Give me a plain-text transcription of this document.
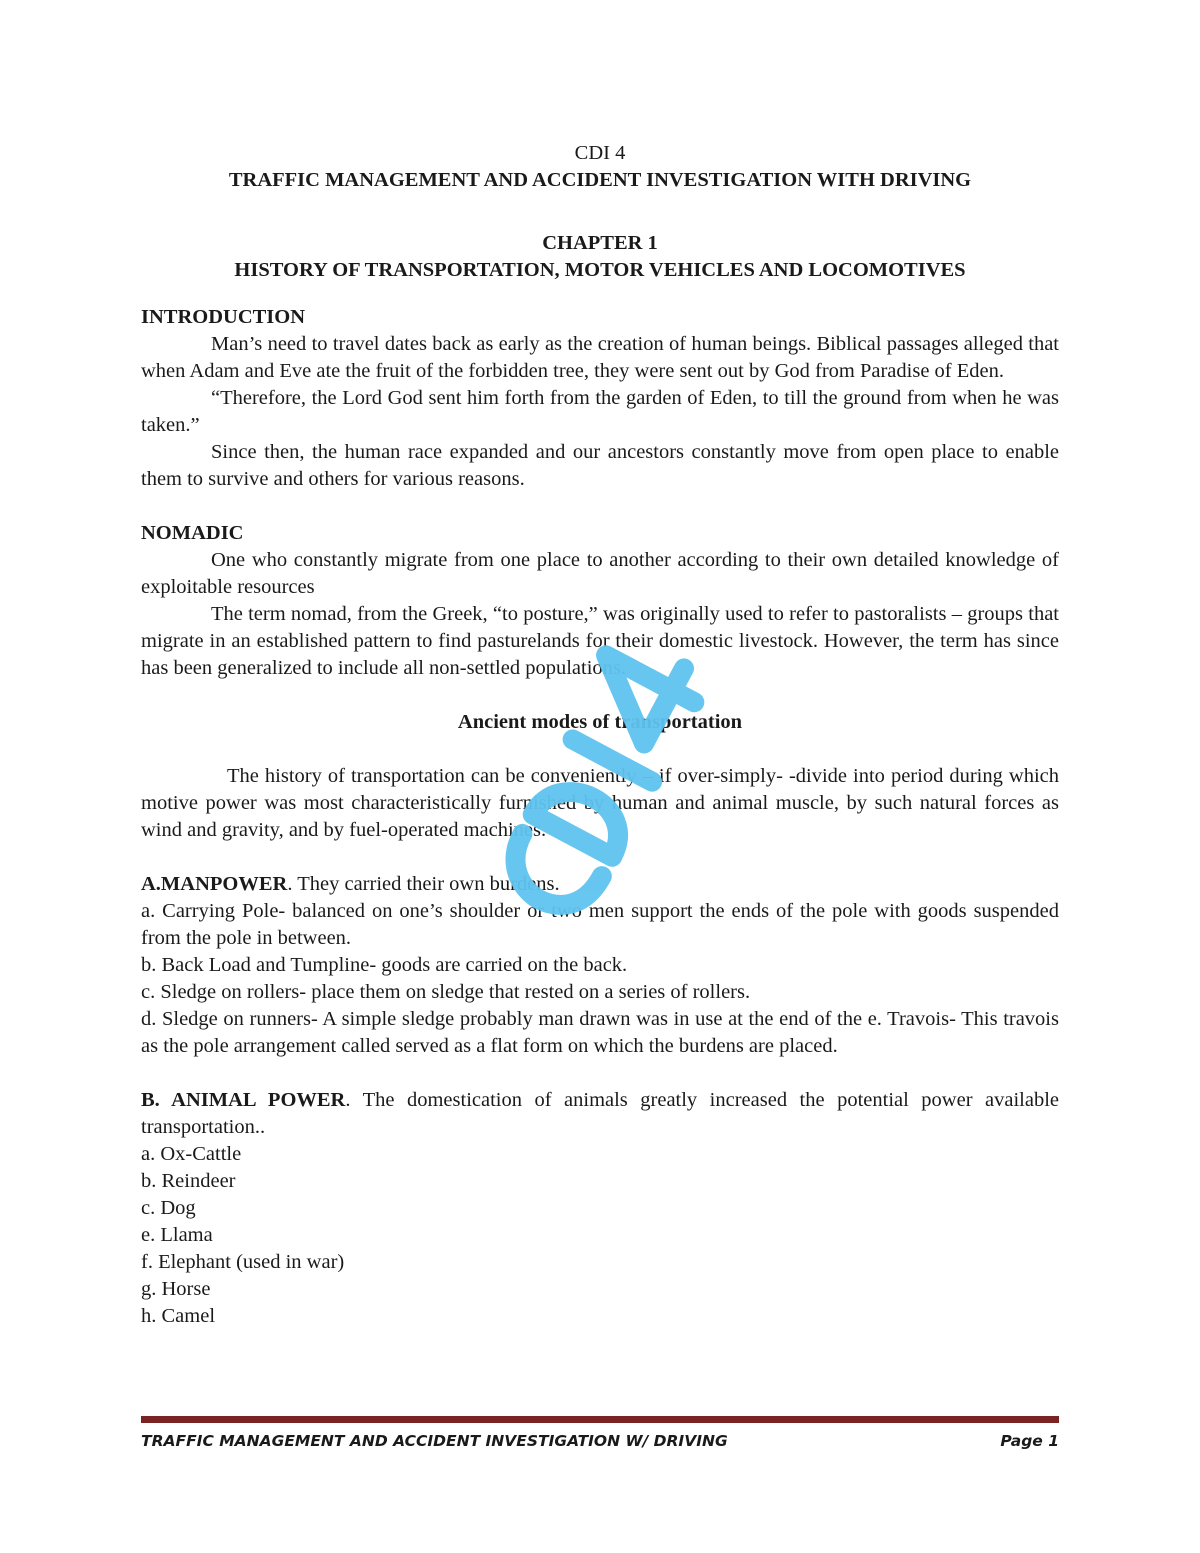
CDI 4

TRAFFIC MANAGEMENT AND ACCIDENT INVESTIGATION WITH DRIVING

CHAPTER 1

HISTORY OF TRANSPORTATION, MOTOR VEHICLES AND LOCOMOTIVES

INTRODUCTION

Man’s need to travel dates back as early as the creation of human beings. Biblical passages alleged that when Adam and Eve ate the fruit of the forbidden tree, they were sent out by God from Paradise of Eden.

“Therefore, the Lord God sent him forth from the garden of Eden, to till the ground from when he was taken.”

Since then, the human race expanded and our ancestors constantly move from open place to enable them to survive and others for various reasons.

NOMADIC

One who constantly migrate from one place to another according to their own detailed knowledge of exploitable resources

The term nomad, from the Greek, “to posture,” was originally used to refer to pastoralists – groups that migrate in an established pattern to find pasturelands for their domestic livestock. However, the term has since has been generalized to include all non-settled populations.

Ancient modes of transportation

The history of transportation can be conveniently – if over-simply- -divide into period during which motive power was most characteristically furnished by human and animal muscle, by such natural forces as wind and gravity, and by fuel-operated machines.

A.MANPOWER. They carried their own burdens.

a. Carrying Pole- balanced on one’s shoulder or two men support the ends of the pole with goods suspended from the pole in between.

b. Back Load and Tumpline- goods are carried on the back.

c. Sledge on rollers- place them on sledge that rested on a series of rollers.

d. Sledge on runners- A simple sledge probably man drawn was in use at the end of the e. Travois- This travois as the pole arrangement called served as a flat form on which the burdens are placed.

B. ANIMAL POWER. The domestication of animals greatly increased the potential power available transportation..

a. Ox-Cattle

b. Reindeer

c. Dog

e. Llama

f. Elephant (used in war)

g. Horse

h. Camel

TRAFFIC MANAGEMENT AND ACCIDENT INVESTIGATION W/ DRIVING	Page 1
